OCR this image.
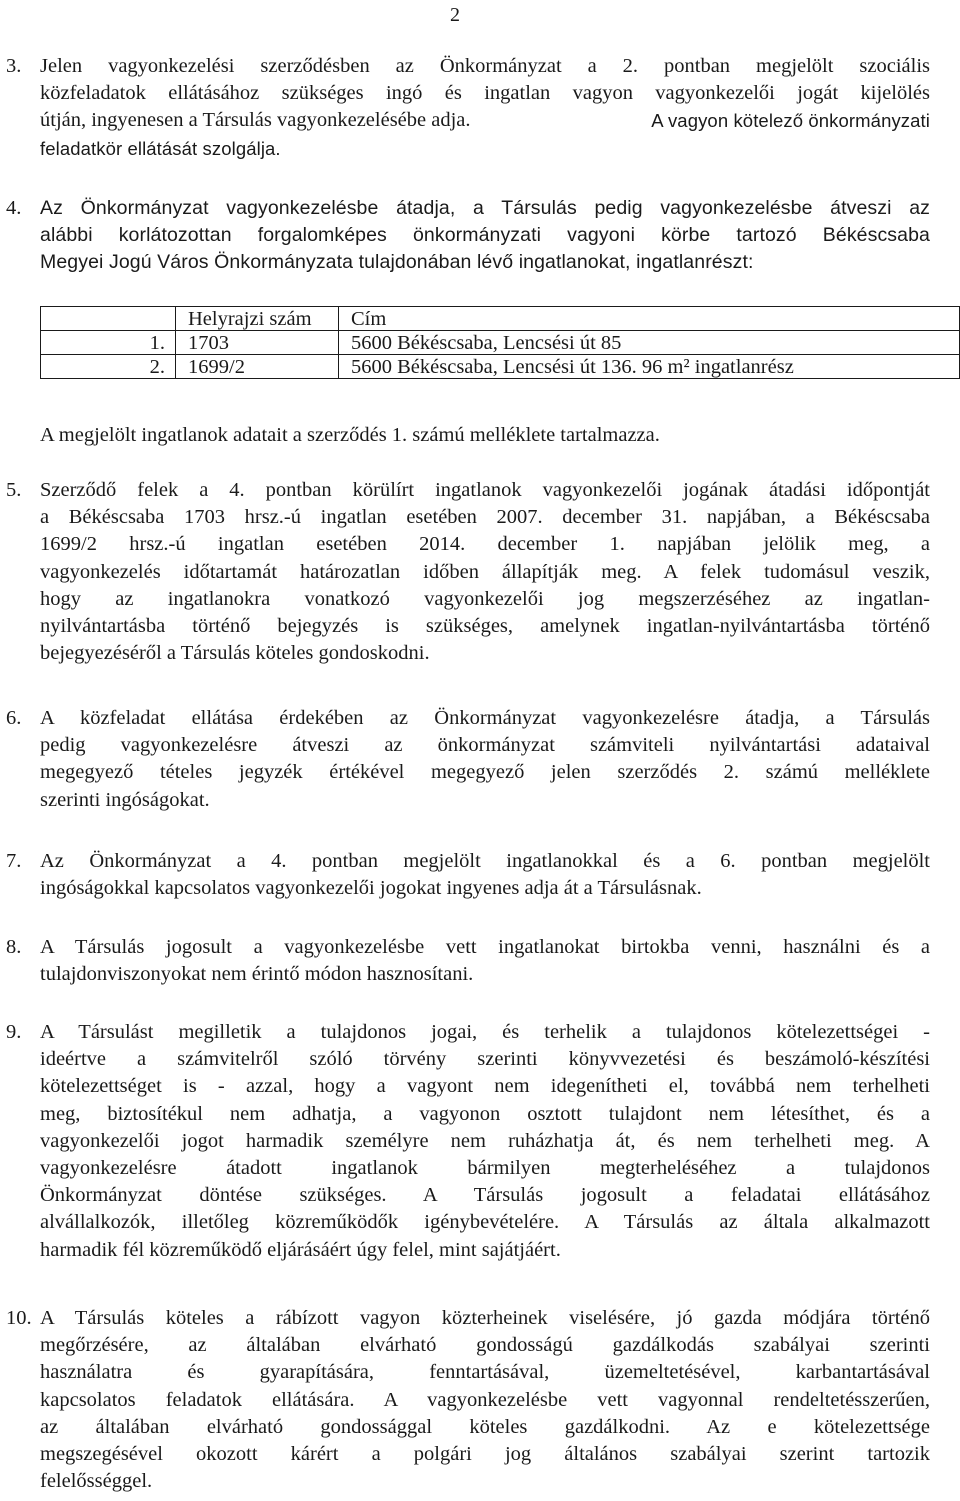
2
3. Jelen vagyonkezelési szerződésben az Önkormányzat a 2. pontban megjelölt szociális
közfeladatok ellátásához szükséges ingó és ingatlan vagyon vagyonkezelői jogát kijelölés
útján, ingyenesen a Társulás vagyonkezelésébe adja.	A vagyon kötelező önkormányzati
feladatkör ellátását szolgálja.
4. Az Önkormányzat vagyonkezelésbe átadja, a Társulás pedig vagyonkezelésbe átveszi az
alábbi korlátozottan forgalomképes önkormányzati vagyoni körbe tartozó Békéscsaba
Megyei Jogú Város Önkormányzata tulajdonában lévő ingatlanokat, ingatlanrészt:
	Helyrajzi szám	Cím
1.	1703	5600 Békéscsaba, Lencsési út 85
2.	1699/2	5600 Békéscsaba, Lencsési út 136. 96 m² ingatlanrész
A megjelölt ingatlanok adatait a szerződés 1. számú melléklete tartalmazza.
5. Szerződő felek a 4. pontban körülírt ingatlanok vagyonkezelői jogának átadási időpontját
a Békéscsaba 1703 hrsz.-ú ingatlan esetében 2007. december 31. napjában, a Békéscsaba
1699/2 hrsz.-ú ingatlan esetében 2014. december 1. napjában jelölik meg, a
vagyonkezelés időtartamát határozatlan időben állapítják meg. A felek tudomásul veszik,
hogy az ingatlanokra vonatkozó vagyonkezelői jog megszerzéséhez az ingatlan-
nyilvántartásba történő bejegyzés is szükséges, amelynek ingatlan-nyilvántartásba történő
bejegyezéséről a Társulás köteles gondoskodni.
6. A közfeladat ellátása érdekében az Önkormányzat vagyonkezelésre átadja, a Társulás
pedig vagyonkezelésre átveszi az önkormányzat számviteli nyilvántartási adataival
megegyező tételes jegyzék értékével megegyező jelen szerződés 2. számú melléklete
szerinti ingóságokat.
7. Az Önkormányzat a 4. pontban megjelölt ingatlanokkal és a 6. pontban megjelölt
ingóságokkal kapcsolatos vagyonkezelői jogokat ingyenes adja át a Társulásnak.
8. A Társulás jogosult a vagyonkezelésbe vett ingatlanokat birtokba venni, használni és a
tulajdonviszonyokat nem érintő módon hasznosítani.
9. A Társulást megilletik a tulajdonos jogai, és terhelik a tulajdonos kötelezettségei -
ideértve a számvitelről szóló törvény szerinti könyvvezetési és beszámoló-készítési
kötelezettséget is - azzal, hogy a vagyont nem idegenítheti el, továbbá nem terhelheti
meg, biztosítékul nem adhatja, a vagyonon osztott tulajdont nem létesíthet, és a
vagyonkezelői jogot harmadik személyre nem ruházhatja át, és nem terhelheti meg. A
vagyonkezelésre átadott ingatlanok bármilyen megterheléséhez a tulajdonos
Önkormányzat döntése szükséges. A Társulás jogosult a feladatai ellátásához
alvállalkozók, illetőleg közreműködők igénybevételére. A Társulás az általa alkalmazott
harmadik fél közreműködő eljárásáért úgy felel, mint sajátjáért.
10. A Társulás köteles a rábízott vagyon közterheinek viselésére, jó gazda módjára történő
megőrzésére, az általában elvárható gondosságú gazdálkodás szabályai szerinti
használatra és gyarapítására, fenntartásával, üzemeltetésével, karbantartásával
kapcsolatos feladatok ellátására. A vagyonkezelésbe vett vagyonnal rendeltetésszerűen,
az általában elvárható gondossággal köteles gazdálkodni. Az e kötelezettsége
megszegésével okozott kárért a polgári jog általános szabályai szerint tartozik
felelősséggel.
